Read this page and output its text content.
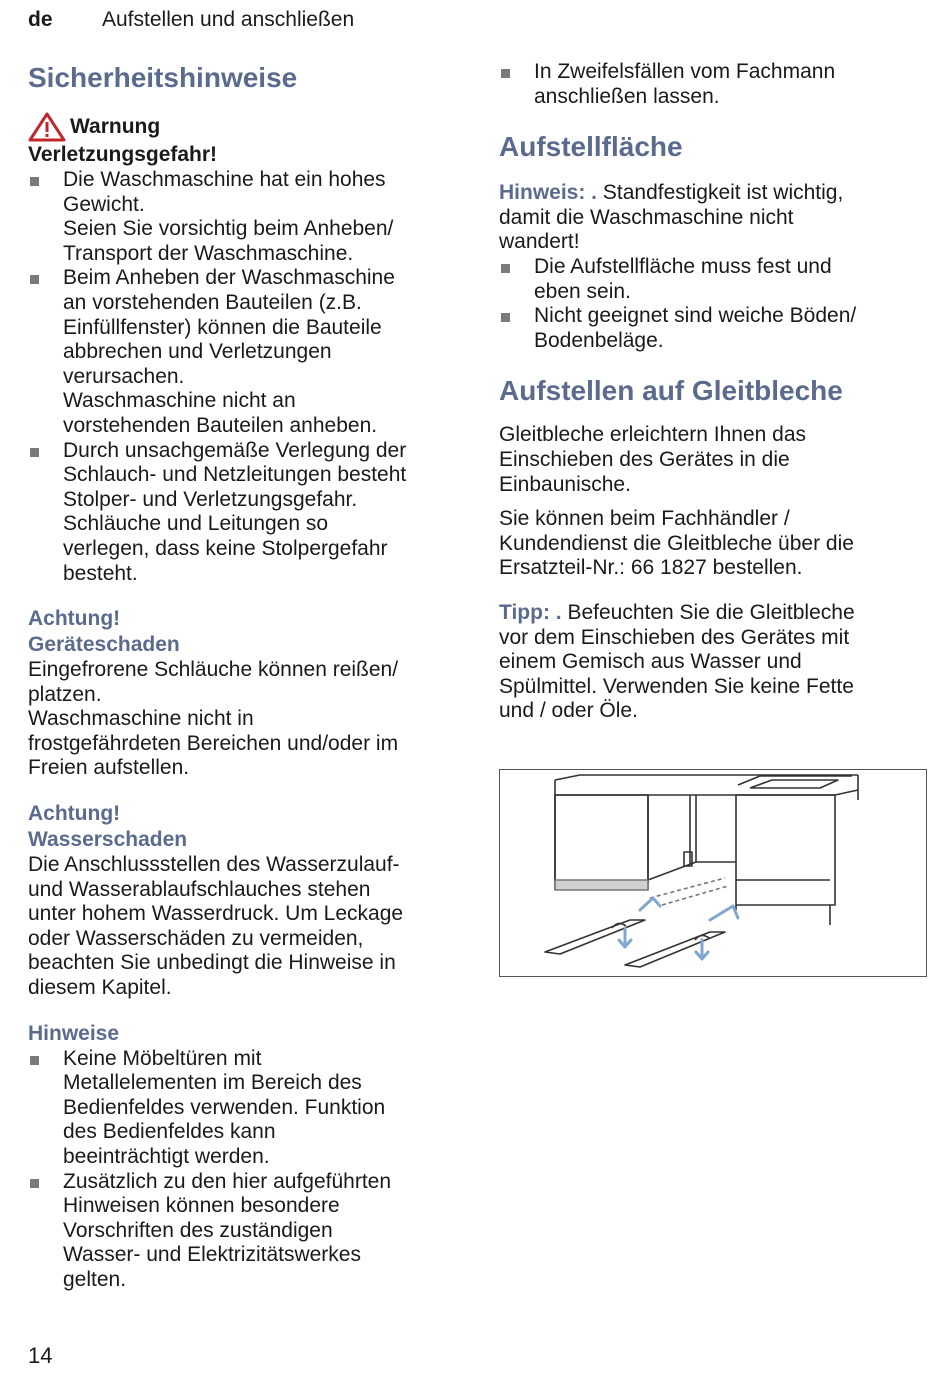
de Aufstellen und anschließen
Sicherheitshinweise
Warnung

Verletzungsgefahr!

Die Waschmaschine hat ein hohes
Gewicht.
Seien Sie vorsichtig beim Anheben/
Transport der Waschmaschine.
Beim Anheben der Waschmaschine
an vorstehenden Bauteilen (z.B.
Einfüllfenster) können die Bauteile
abbrechen und Verletzungen
verursachen.
Waschmaschine nicht an
vorstehenden Bauteilen anheben.
Durch unsachgemäße Verlegung der
Schlauch- und Netzleitungen besteht
Stolper- und Verletzungsgefahr.
Schläuche und Leitungen so
verlegen, dass keine Stolpergefahr
besteht.

Achtung!

Geräteschaden

Eingefrorene Schläuche können reißen/
platzen.
Waschmaschine nicht in
frostgefährdeten Bereichen und/oder im
Freien aufstellen.

Achtung!

Wasserschaden

Die Anschlussstellen des Wasserzulauf-
und Wasserablaufschlauches stehen
unter hohem Wasserdruck. Um Leckage
oder Wasserschäden zu vermeiden,
beachten Sie unbedingt die Hinweise in
diesem Kapitel.

Hinweise

Keine Möbeltüren mit
Metallelementen im Bereich des
Bedienfeldes verwenden. Funktion
des Bedienfeldes kann
beeinträchtigt werden.
Zusätzlich zu den hier aufgeführten
Hinweisen können besondere
Vorschriften des zuständigen
Wasser- und Elektrizitätswerkes
gelten.
In Zweifelsfällen vom Fachmann
anschließen lassen.
Aufstellfläche

Hinweis: . Standfestigkeit ist wichtig,
damit die Waschmaschine nicht
wandert!

Die Aufstellfläche muss fest und
eben sein.
Nicht geeignet sind weiche Böden/
Bodenbeläge.
Aufstellen auf Gleitbleche

Gleitbleche erleichtern Ihnen das
Einschieben des Gerätes in die
Einbaunische.

Sie können beim Fachhändler /
Kundendienst die Gleitbleche über die
Ersatzteil-Nr.: 66 1827 bestellen.

Tipp: . Befeuchten Sie die Gleitbleche
vor dem Einschieben des Gerätes mit
einem Gemisch aus Wasser und
Spülmittel. Verwenden Sie keine Fette
und / oder Öle.

14
